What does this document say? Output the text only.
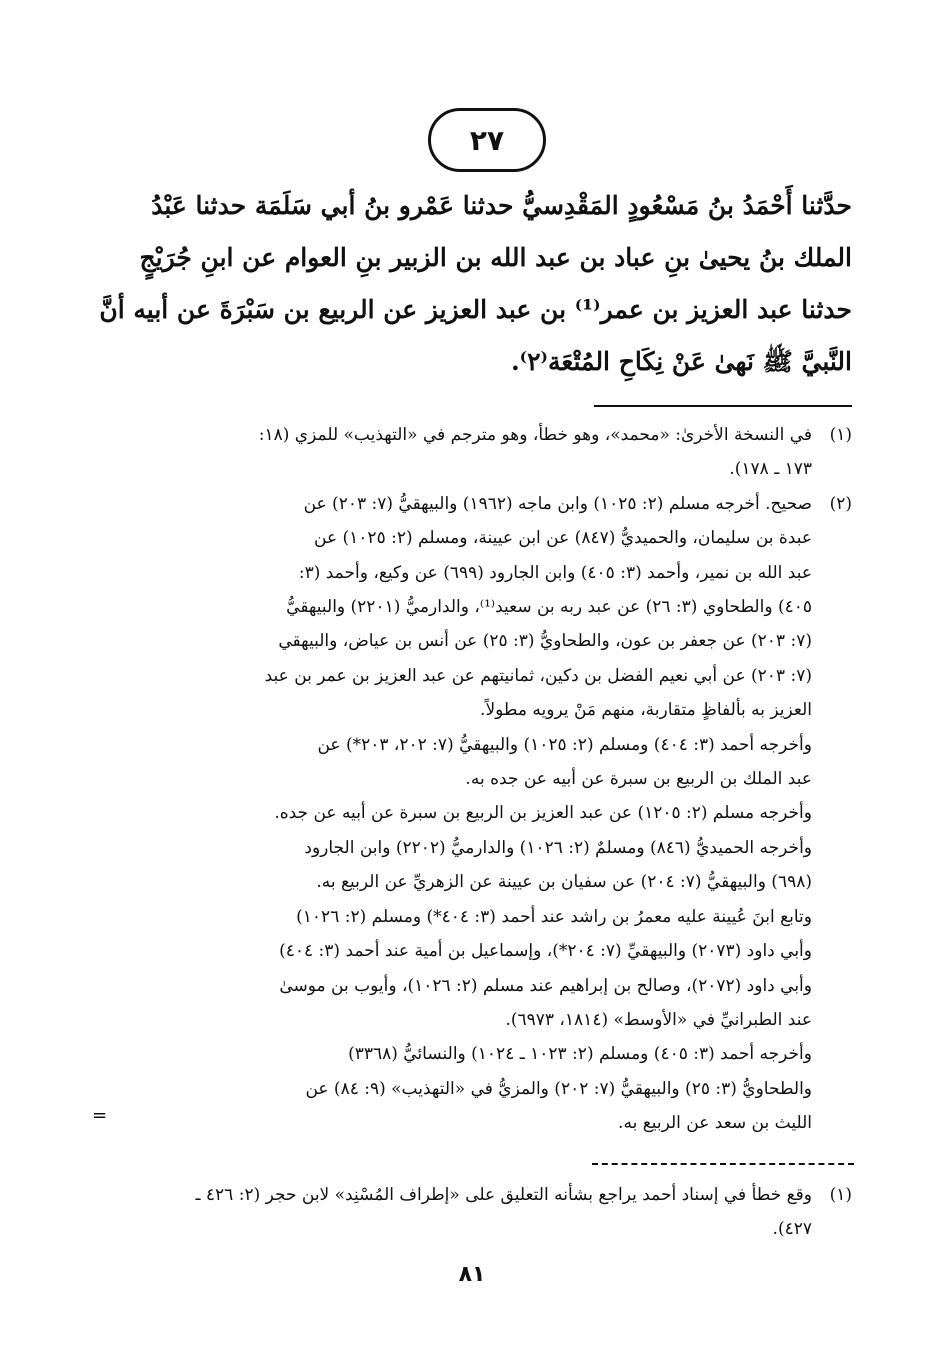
٢٧
حدَّثنا أَحْمَدُ بنُ مَسْعُودٍ المَقْدِسيُّ حدثنا عَمْرو بنُ أبي سَلَمَة حدثنا عَبْدُ
الملك بنُ يحيىٰ بنِ عباد بن عبد الله بن الزبير بنِ العوام عن ابنِ جُرَيْجٍ
حدثنا عبد العزيز بن عمر⁽¹⁾ بن عبد العزيز عن الربيع بن سَبْرَةَ عن أبيه أنَّ
النَّبيَّ ﷺ نَهىٰ عَنْ نِكَاحِ المُتْعَة⁽٢⁾.
(١)
في النسخة الأخرىٰ: «محمد»، وهو خطأ، وهو مترجم في «التهذيب» للمزي (١٨:
١٧٣ ـ ١٧٨).
(٢)
صحيح. أخرجه مسلم (٢: ١٠٢٥) وابن ماجه (١٩٦٢) والبيهقيُّ (٧: ٢٠٣) عن
عبدة بن سليمان، والحميديُّ (٨٤٧) عن ابن عيينة، ومسلم (٢: ١٠٢٥) عن
عبد الله بن نمير، وأحمد (٣: ٤٠٥) وابن الجارود (٦٩٩) عن وكيع، وأحمد (٣:
٤٠٥) والطحاوي (٣: ٢٦) عن عبد ربه بن سعيد⁽¹⁾، والدارميُّ (٢٢٠١) والبيهقيُّ
(٧: ٢٠٣) عن جعفر بن عون، والطحاويُّ (٣: ٢٥) عن أنس بن عياض، والبيهقي
(٧: ٢٠٣) عن أبي نعيم الفضل بن دكين، ثمانيتهم عن عبد العزيز بن عمر بن عبد
العزيز به بألفاظٍ متقاربة، منهم مَنْ يرويه مطولاً.
وأخرجه أحمد (٣: ٤٠٤) ومسلم (٢: ١٠٢٥) والبيهقيُّ (٧: ٢٠٢، ٢٠٣*) عن
عبد الملك بن الربيع بن سبرة عن أبيه عن جده به.
وأخرجه مسلم (٢: ١٢٠٥) عن عبد العزيز بن الربيع بن سبرة عن أبيه عن جده.
وأخرجه الحميديُّ (٨٤٦) ومسلمٌ (٢: ١٠٢٦) والدارميُّ (٢٢٠٢) وابن الجارود
(٦٩٨) والبيهقيُّ (٧: ٢٠٤) عن سفيان بن عيينة عن الزهريِّ عن الربيع به.
وتابع ابنَ عُيينة عليه معمرُ بن راشد عند أحمد (٣: ٤٠٤*) ومسلم (٢: ١٠٢٦)
وأبي داود (٢٠٧٣) والبيهقيِّ (٧: ٢٠٤*)، وإسماعيل بن أمية عند أحمد (٣: ٤٠٤)
وأبي داود (٢٠٧٢)، وصالح بن إبراهيم عند مسلم (٢: ١٠٢٦)، وأيوب بن موسىٰ
عند الطبرانيِّ في «الأوسط» (١٨١٤، ٦٩٧٣).
وأخرجه أحمد (٣: ٤٠٥) ومسلم (٢: ١٠٢٣ ـ ١٠٢٤) والنسائيُّ (٣٣٦٨)
والطحاويُّ (٣: ٢٥) والبيهقيُّ (٧: ٢٠٢) والمزيُّ في «التهذيب» (٩: ٨٤) عن
الليث بن سعد عن الربيع به.
=
(١)
وقع خطأ في إسناد أحمد يراجع بشأنه التعليق على «إطراف المُسْنِد» لابن حجر (٢: ٤٢٦ ـ
٤٢٧).
٨١
